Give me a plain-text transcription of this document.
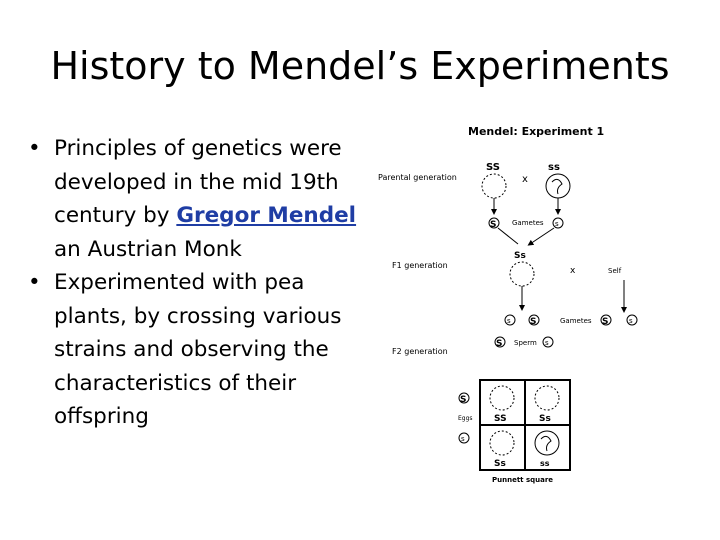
History to Mendel’s Experiments
• Principles of genetics were developed in the mid 19th century by Gregor Mendel an Austrian Monk
• Experimented with pea plants, by crossing various strains and observing the characteristics of their offspring
Mendel: Experiment 1
Parental generation
SS	ss
x
S Gametes s
F1 generation
Ss
x	Self
s S	Gametes S	s
F2 generation
S Sperm s
S
Eggs
s
SS	Ss
Ss	ss
Punnett square
